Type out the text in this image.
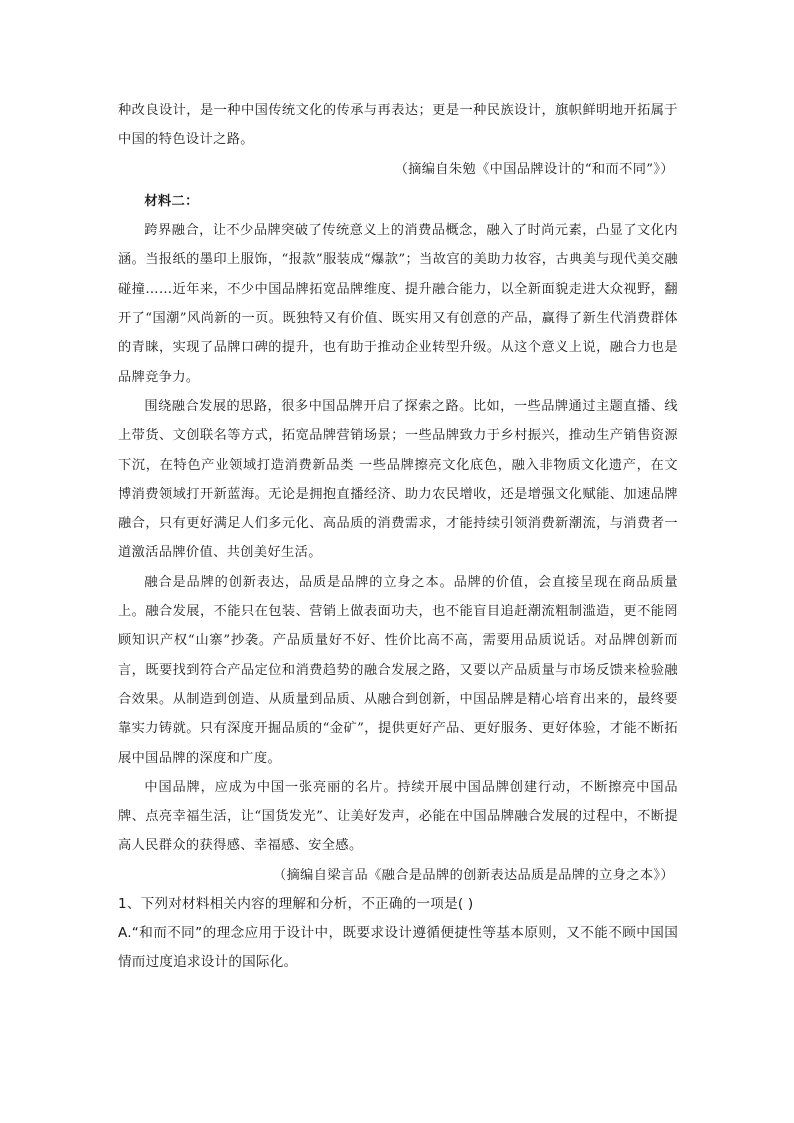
种改良设计，是一种中国传统文化的传承与再表达；更是一种民族设计，旗帜鲜明地开拓属于中国的特色设计之路。

（摘编自朱勉《中国品牌设计的“和而不同”》）

材料二：

跨界融合，让不少品牌突破了传统意义上的消费品概念，融入了时尚元素，凸显了文化内涵。当报纸的墨印上服饰，“报款”服装成“爆款”；当故宫的美助力妆容，古典美与现代美交融碰撞……近年来，不少中国品牌拓宽品牌维度、提升融合能力，以全新面貌走进大众视野，翻开了“国潮”风尚新的一页。既独特又有价值、既实用又有创意的产品，赢得了新生代消费群体的青睐，实现了品牌口碑的提升，也有助于推动企业转型升级。从这个意义上说，融合力也是品牌竞争力。

围绕融合发展的思路，很多中国品牌开启了探索之路。比如，一些品牌通过主题直播、线上带货、文创联名等方式，拓宽品牌营销场景；一些品牌致力于乡村振兴，推动生产销售资源下沉，在特色产业领域打造消费新品类 一些品牌擦亮文化底色，融入非物质文化遗产，在文博消费领域打开新蓝海。无论是拥抱直播经济、助力农民增收，还是增强文化赋能、加速品牌融合，只有更好满足人们多元化、高品质的消费需求，才能持续引领消费新潮流，与消费者一道激活品牌价值、共创美好生活。

融合是品牌的创新表达，品质是品牌的立身之本。品牌的价值，会直接呈现在商品质量上。融合发展，不能只在包装、营销上做表面功夫，也不能盲目追赶潮流粗制滥造，更不能罔顾知识产权“山寨”抄袭。产品质量好不好、性价比高不高，需要用品质说话。对品牌创新而言，既要找到符合产品定位和消费趋势的融合发展之路，又要以产品质量与市场反馈来检验融合效果。从制造到创造、从质量到品质、从融合到创新，中国品牌是精心培育出来的，最终要靠实力铸就。只有深度开掘品质的“金矿”，提供更好产品、更好服务、更好体验，才能不断拓展中国品牌的深度和广度。

中国品牌，应成为中国一张亮丽的名片。持续开展中国品牌创建行动，不断擦亮中国品牌、点亮幸福生活，让“国货发光”、让美好发声，必能在中国品牌融合发展的过程中，不断提高人民群众的获得感、幸福感、安全感。

（摘编自梁言品《融合是品牌的创新表达品质是品牌的立身之本》）

1、下列对材料相关内容的理解和分析，不正确的一项是( )

A.“和而不同”的理念应用于设计中，既要求设计遵循便捷性等基本原则，又不能不顾中国国情而过度追求设计的国际化。
